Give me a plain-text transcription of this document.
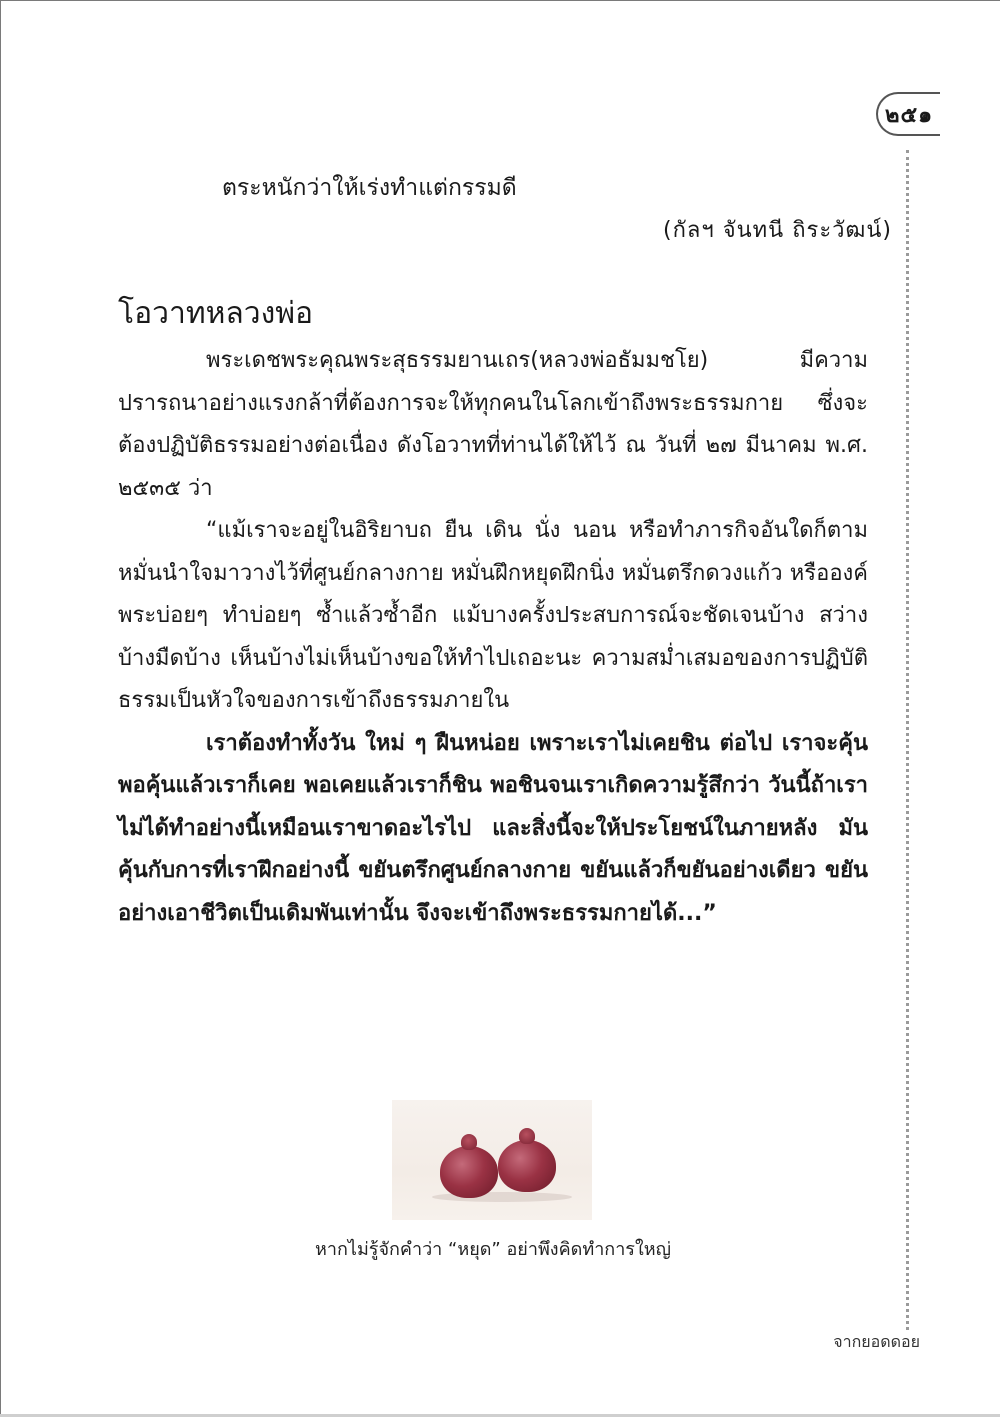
๒๕๑
ตระหนักว่าให้เร่งทำแต่กรรมดี
(กัลฯ จันทนี ถิระวัฒน์)
โอวาทหลวงพ่อ

พระเดชพระคุณพระสุธรรมยานเถร(หลวงพ่อธัมมชโย) มีความปรารถนาอย่างแรงกล้าที่ต้องการจะให้ทุกคนในโลกเข้าถึงพระธรรมกาย ซึ่งจะต้องปฏิบัติธรรมอย่างต่อเนื่อง ดังโอวาทที่ท่านได้ให้ไว้ ณ วันที่ ๒๗ มีนาคม พ.ศ. ๒๕๓๕ ว่า

“แม้เราจะอยู่ในอิริยาบถ ยืน เดิน นั่ง นอน หรือทำภารกิจอันใดก็ตาม หมั่นนำใจมาวางไว้ที่ศูนย์กลางกาย หมั่นฝึกหยุดฝึกนิ่ง หมั่นตรึกดวงแก้ว หรือองค์พระบ่อยๆ ทำบ่อยๆ ซ้ำแล้วซ้ำอีก แม้บางครั้งประสบการณ์จะชัดเจนบ้าง สว่างบ้างมืดบ้าง เห็นบ้างไม่เห็นบ้างขอให้ทำไปเถอะนะ ความสม่ำเสมอของการปฏิบัติธรรมเป็นหัวใจของการเข้าถึงธรรมภายใน

เราต้องทำทั้งวัน ใหม่ ๆ ฝืนหน่อย เพราะเราไม่เคยชิน ต่อไป เราจะคุ้น พอคุ้นแล้วเราก็เคย พอเคยแล้วเราก็ชิน พอชินจนเราเกิดความรู้สึกว่า วันนี้ถ้าเราไม่ได้ทำอย่างนี้เหมือนเราขาดอะไรไป และสิ่งนี้จะให้ประโยชน์ในภายหลัง มันคุ้นกับการที่เราฝึกอย่างนี้ ขยันตรึกศูนย์กลางกาย ขยันแล้วก็ขยันอย่างเดียว ขยันอย่างเอาชีวิตเป็นเดิมพันเท่านั้น จึงจะเข้าถึงพระธรรมกายได้...”

หากไม่รู้จักคำว่า “หยุด” อย่าพึงคิดทำการใหญ่
จากยอดดอย
